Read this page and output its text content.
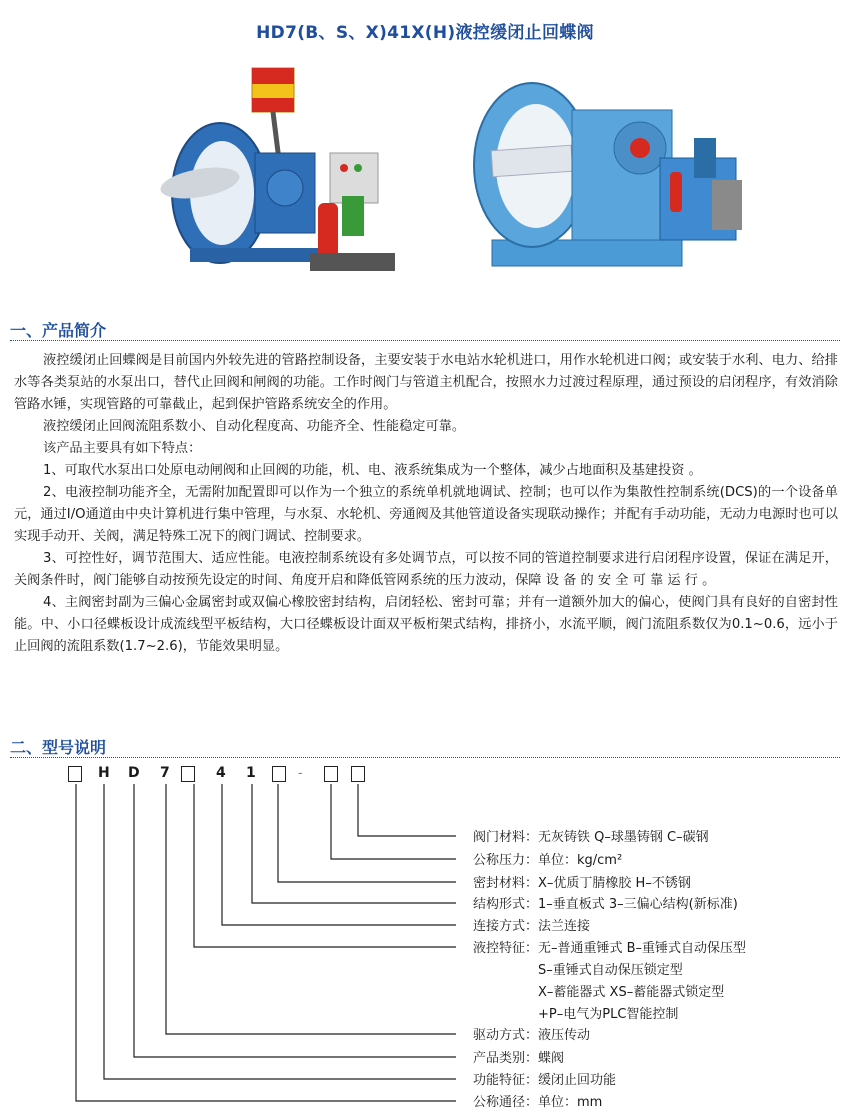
HD7(B、S、X)41X(H)液控缓闭止回蝶阀
一、产品简介

液控缓闭止回蝶阀是目前国内外较先进的管路控制设备，主要安装于水电站水轮机进口，用作水轮机进口阀；或安装于水利、电力、给排水等各类泵站的水泵出口，替代止回阀和闸阀的功能。工作时阀门与管道主机配合，按照水力过渡过程原理，通过预设的启闭程序，有效消除管路水锤，实现管路的可靠截止，起到保护管路系统安全的作用。

液控缓闭止回阀流阻系数小、自动化程度高、功能齐全、性能稳定可靠。

该产品主要具有如下特点：

1、可取代水泵出口处原电动闸阀和止回阀的功能，机、电、液系统集成为一个整体，减少占地面积及基建投资 。

2、电液控制功能齐全，无需附加配置即可以作为一个独立的系统单机就地调试、控制；也可以作为集散性控制系统(DCS)的一个设备单元，通过I/O通道由中央计算机进行集中管理，与水泵、水轮机、旁通阀及其他管道设备实现联动操作；并配有手动功能，无动力电源时也可以实现手动开、关阀，满足特殊工况下的阀门调试、控制要求。

3、可控性好，调节范围大、适应性能。电液控制系统设有多处调节点，可以按不同的管道控制要求进行启闭程序设置，保证在满足开，关阀条件时，阀门能够自动按预先设定的时间、角度开启和降低管网系统的压力波动，保障 设 备 的 安 全 可 靠 运 行 。

4、主阀密封副为三偏心金属密封或双偏心橡胶密封结构，启闭轻松、密封可靠；并有一道额外加大的偏心，使阀门具有良好的自密封性能。中、小口径蝶板设计成流线型平板结构，大口径蝶板设计面双平板桁架式结构，排挤小，水流平顺，阀门流阻系数仅为0.1~0.6，远小于止回阀的流阻系数(1.7~2.6)，节能效果明显。

二、型号说明
H D 7	4 1	-
阀门材料：无灰铸铁 Q–球墨铸钢 C–碳钢
公称压力：单位：kg/cm²
密封材料：X–优质丁腈橡胶 H–不锈钢
结构形式：1–垂直板式 3–三偏心结构(新标准)
连接方式：法兰连接
液控特征：无–普通重锤式 B–重锤式自动保压型
S–重锤式自动保压锁定型
X–蓄能器式 XS–蓄能器式锁定型
+P–电气为PLC智能控制
驱动方式：液压传动
产品类别：蝶阀
功能特征：缓闭止回功能
公称通径：单位：mm
